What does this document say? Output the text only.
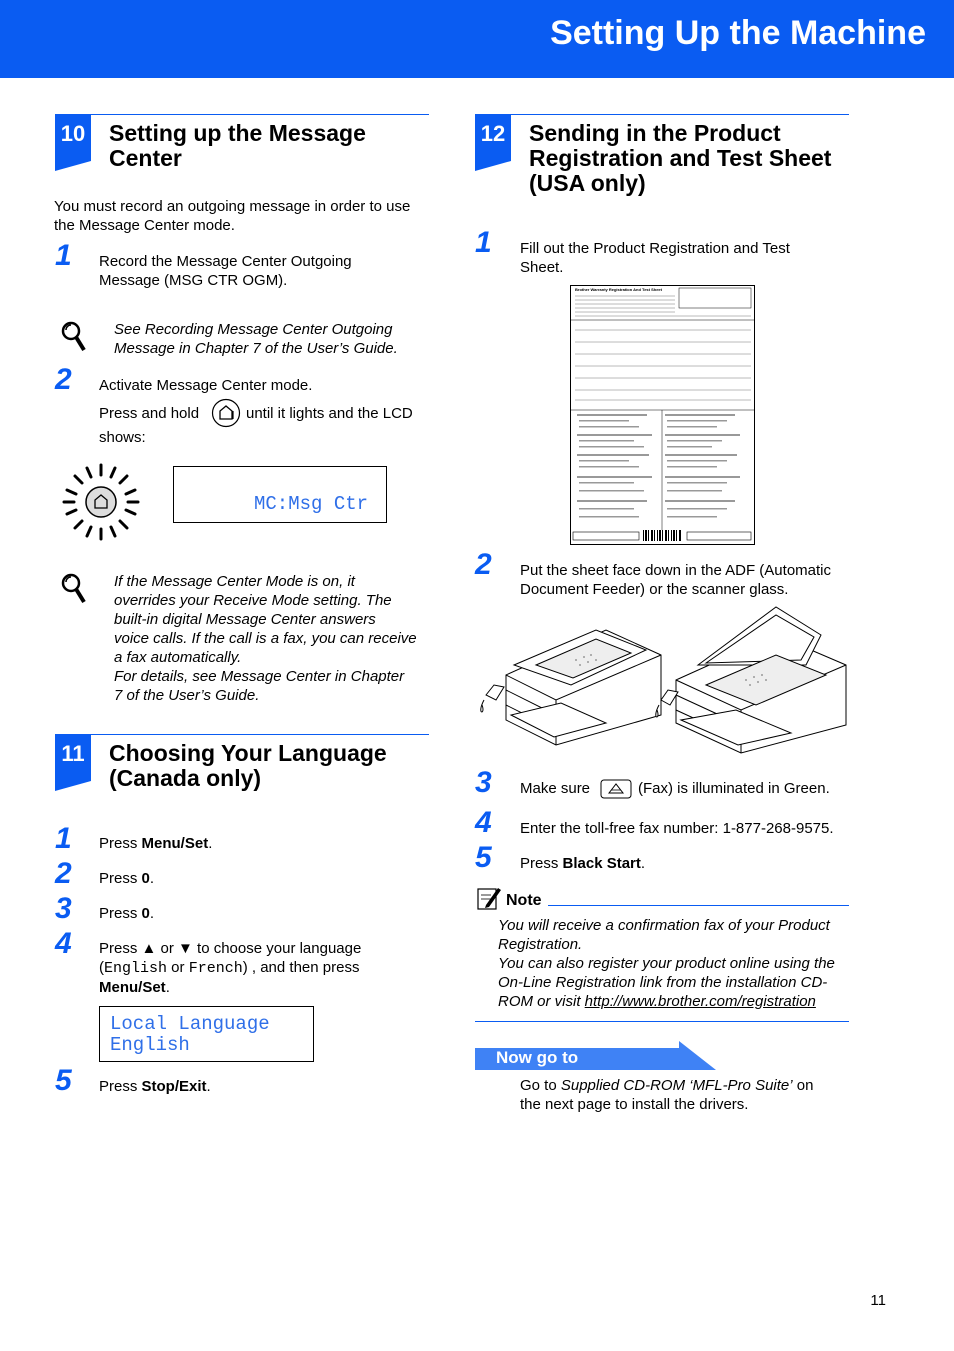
Setting Up the Machine
10 Setting up the Message
Center
You must record an outgoing message in order to use
the Message Center mode.
1 Record the Message Center Outgoing
Message (MSG CTR OGM).
See Recording Message Center Outgoing
Message in Chapter 7 of the User’s Guide.
2 Activate Message Center mode.
Press and hold	until it lights and the LCD
shows:
MC:Msg Ctr
If the Message Center Mode is on, it
overrides your Receive Mode setting. The
built-in digital Message Center answers
voice calls. If the call is a fax, you can receive
a fax automatically.
For details, see Message Center in Chapter
7 of the User’s Guide.
11 Choosing Your Language
(Canada only)
1 Press Menu/Set.
2 Press 0.
3 Press 0.
4 Press ▲ or ▼ to choose your language
(English or French) , and then press
Menu/Set.
Local Language
English
5 Press Stop/Exit.
12 Sending in the Product
Registration and Test Sheet
(USA only)
1 Fill out the Product Registration and Test
Sheet.
Brother Warranty Registration And Test Sheet
2 Put the sheet face down in the ADF (Automatic
Document Feeder) or the scanner glass.
3 Make sure	(Fax) is illuminated in Green.
4 Enter the toll-free fax number: 1-877-268-9575.
5 Press Black Start.
Note
You will receive a confirmation fax of your Product
Registration.
You can also register your product online using the
On-Line Registration link from the installation CD-
ROM or visit http://www.brother.com/registration
Now go to
Go to Supplied CD-ROM ‘MFL-Pro Suite’ on
the next page to install the drivers.
11
